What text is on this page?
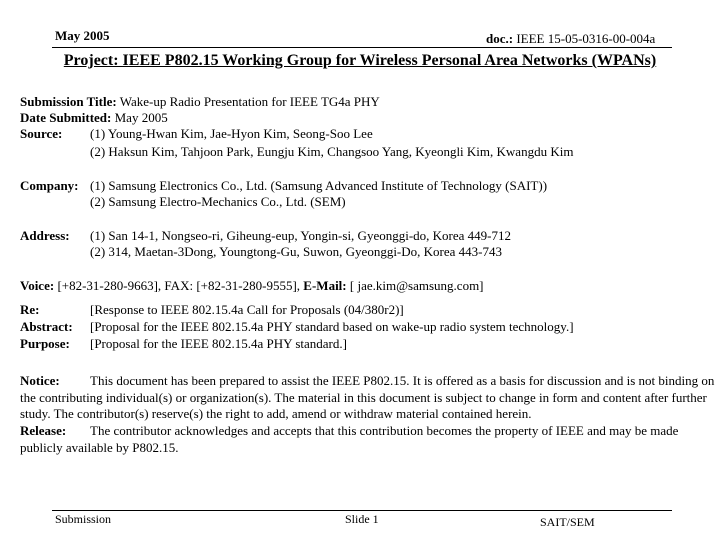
May 2005	doc.: IEEE 15-05-0316-00-004a
Project: IEEE P802.15 Working Group for Wireless Personal Area Networks (WPANs)
Submission Title: Wake-up Radio Presentation for IEEE TG4a PHY
Date Submitted: May 2005
Source: (1) Young-Hwan Kim, Jae-Hyon Kim, Seong-Soo Lee
(2) Haksun Kim, Tahjoon Park, Eungju Kim, Changsoo Yang, Kyeongli Kim, Kwangdu Kim
Company: (1) Samsung Electronics Co., Ltd. (Samsung Advanced Institute of Technology (SAIT))
(2) Samsung Electro-Mechanics Co., Ltd. (SEM)
Address: (1) San 14-1, Nongseo-ri, Giheung-eup, Yongin-si, Gyeonggi-do, Korea 449-712
(2) 314, Maetan-3Dong, Youngtong-Gu, Suwon, Gyeonggi-Do, Korea 443-743
Voice: [+82-31-280-9663], FAX: [+82-31-280-9555], E-Mail: [ jae.kim@samsung.com]
Re:	[Response to IEEE 802.15.4a Call for Proposals (04/380r2)]
Abstract: [Proposal for the IEEE 802.15.4a PHY standard based on wake-up radio system technology.]
Purpose: [Proposal for the IEEE 802.15.4a PHY standard.]
Notice: This document has been prepared to assist the IEEE P802.15. It is offered as a basis for discussion and is not binding on the contributing individual(s) or organization(s). The material in this document is subject to change in form and content after further study. The contributor(s) reserve(s) the right to add, amend or withdraw material contained herein.
Release: The contributor acknowledges and accepts that this contribution becomes the property of IEEE and may be made publicly available by P802.15.
Submission	Slide 1	SAIT/SEM
